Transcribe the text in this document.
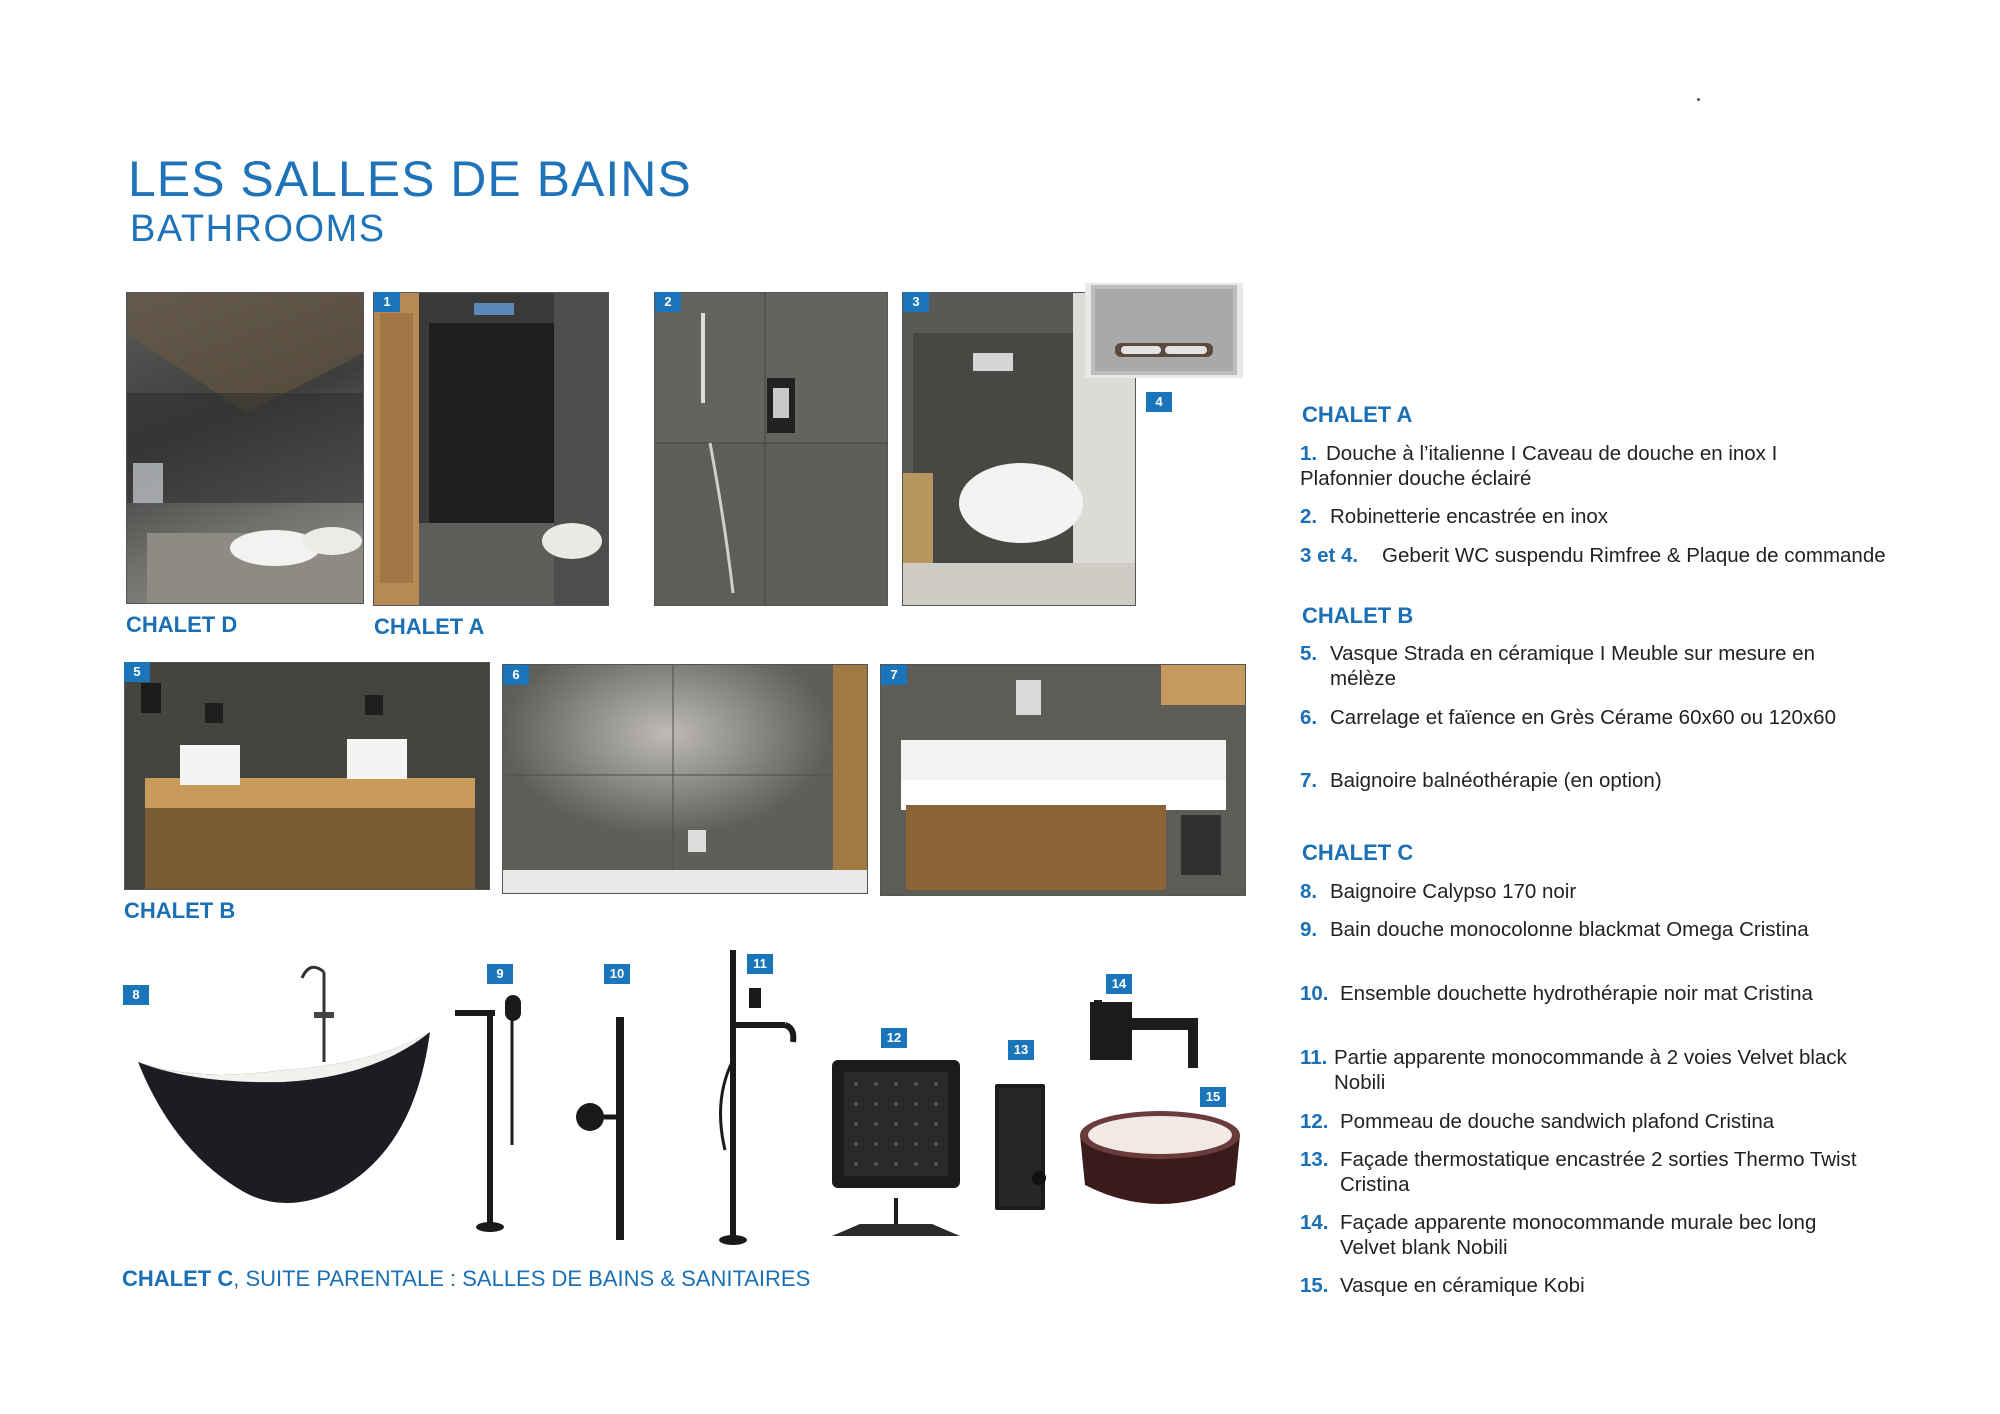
LES SALLES DE BAINS
BATHROOMS
1	2	3
4
CHALET D	CHALET A
5	6	7
CHALET B
8
9	10
11
12
13
14
15
CHALET C, SUITE PARENTALE : SALLES DE BAINS & SANITAIRES
CHALET A
1. Douche à l’italienne I Caveau de douche en inox I Plafonnier douche éclairé
2. Robinetterie encastrée en inox
3 et 4. Geberit WC suspendu Rimfree & Plaque de commande
CHALET B
5. Vasque Strada en céramique I Meuble sur mesure en mélèze
6. Carrelage et faïence en Grès Cérame 60x60 ou 120x60
7. Baignoire balnéothérapie (en option)
CHALET C
8. Baignoire Calypso 170 noir
9. Bain douche monocolonne blackmat Omega Cristina
10. Ensemble douchette hydrothérapie noir mat Cristina
11. Partie apparente monocommande à 2 voies Velvet black Nobili
12. Pommeau de douche sandwich plafond Cristina
13. Façade thermostatique encastrée 2 sorties Thermo Twist Cristina
14. Façade apparente monocommande murale bec long Velvet blank Nobili
15. Vasque en céramique Kobi
